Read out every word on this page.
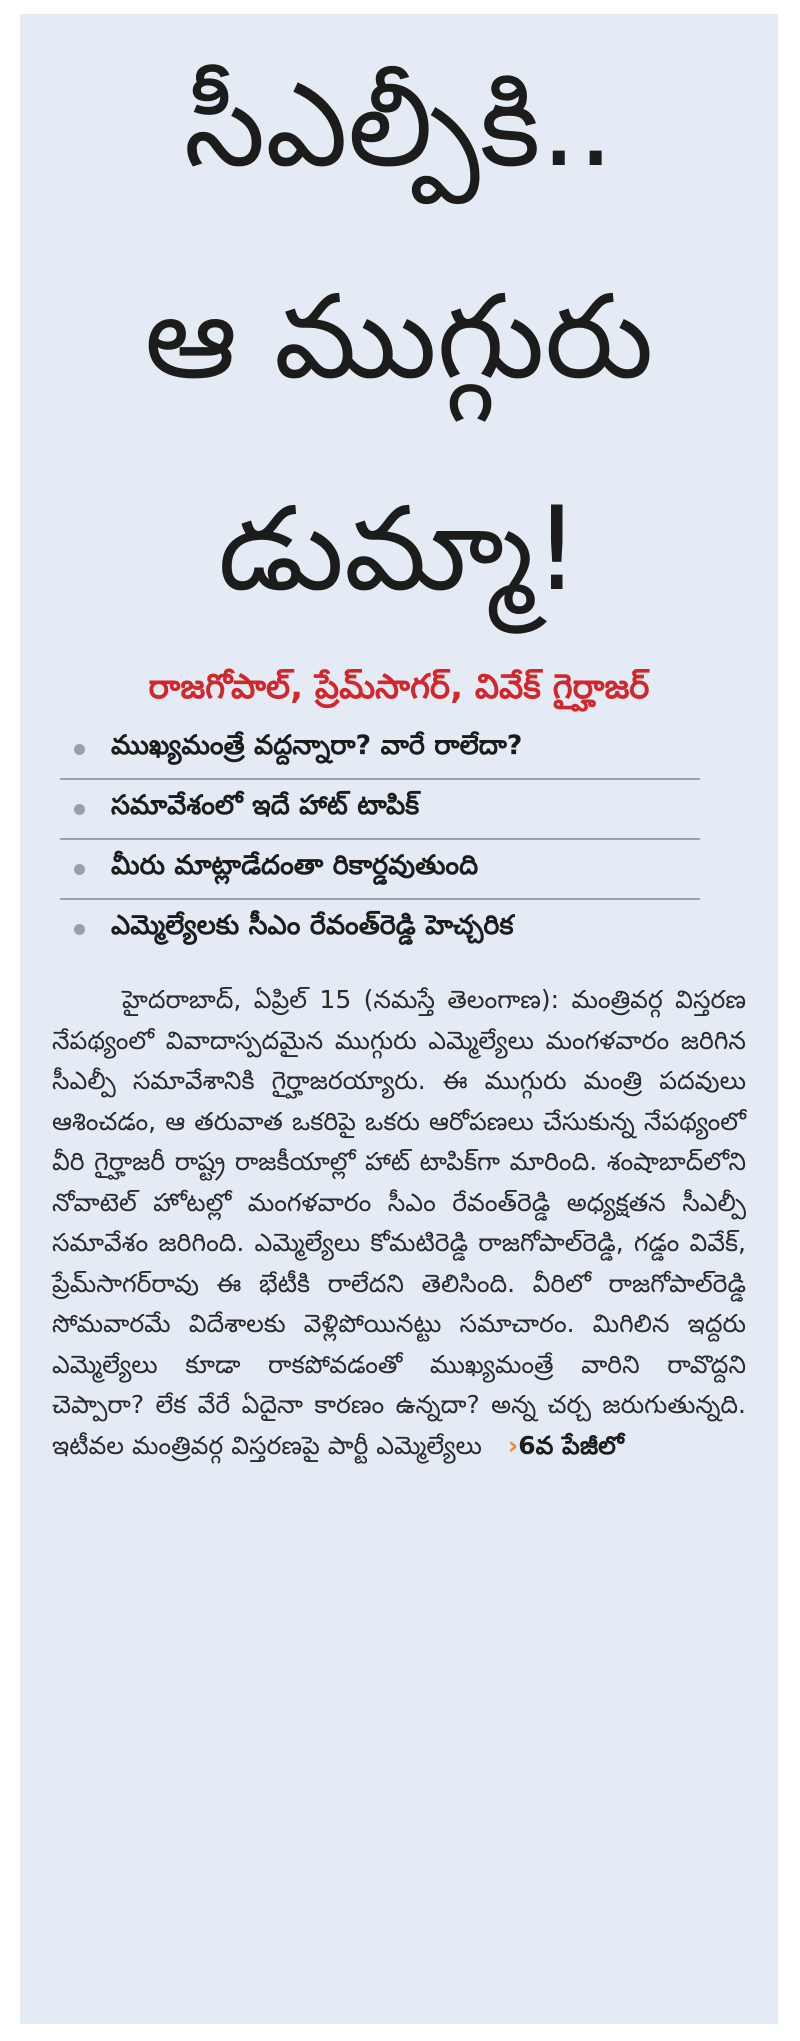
సీఎల్పీకి..
ఆ ముగ్గురు
డుమ్మా!
రాజగోపాల్, ప్రేమ్‌సాగర్, వివేక్ గైర్హాజర్
ముఖ్యమంత్రే వద్దన్నారా? వారే రాలేదా?
సమావేశంలో ఇదే హాట్ టాపిక్
మీరు మాట్లాడేదంతా రికార్డవుతుంది
ఎమ్మెల్యేలకు సీఎం రేవంత్‌రెడ్డి హెచ్చరిక
హైదరాబాద్, ఏప్రిల్ 15 (నమస్తే తెలంగాణ): మంత్రివర్గ విస్తరణ నేపథ్యంలో వివాదాస్పదమైన ముగ్గురు ఎమ్మెల్యేలు మంగళవారం జరిగిన సీఎల్పీ సమావేశానికి గైర్హాజరయ్యారు. ఈ ముగ్గురు మంత్రి పదవులు ఆశించడం, ఆ తరువాత ఒకరిపై ఒకరు ఆరోపణలు చేసుకున్న నేపథ్యంలో వీరి గైర్హాజరీ రాష్ట్ర రాజకీయాల్లో హాట్ టాపిక్‌గా మారింది. శంషాబాద్‌లోని నోవాటెల్ హోటల్లో మంగళవారం సీఎం రేవంత్‌రెడ్డి అధ్యక్షతన సీఎల్పీ సమావేశం జరిగింది. ఎమ్మెల్యేలు కోమటిరెడ్డి రాజగోపాల్‌రెడ్డి, గడ్డం వివేక్, ప్రేమ్‌సాగర్‌రావు ఈ భేటీకి రాలేదని తెలిసింది. వీరిలో రాజగోపాల్‌రెడ్డి సోమవారమే విదేశాలకు వెళ్లిపోయినట్టు సమాచారం. మిగిలిన ఇద్దరు ఎమ్మెల్యేలు కూడా రాకపోవడంతో ముఖ్యమంత్రే వారిని రావొద్దని చెప్పారా? లేక వేరే ఏదైనా కారణం ఉన్నదా? అన్న చర్చ జరుగుతున్నది. ఇటీవల మంత్రివర్గ విస్తరణపై పార్టీ ఎమ్మెల్యేలు ›6వ పేజీలో
